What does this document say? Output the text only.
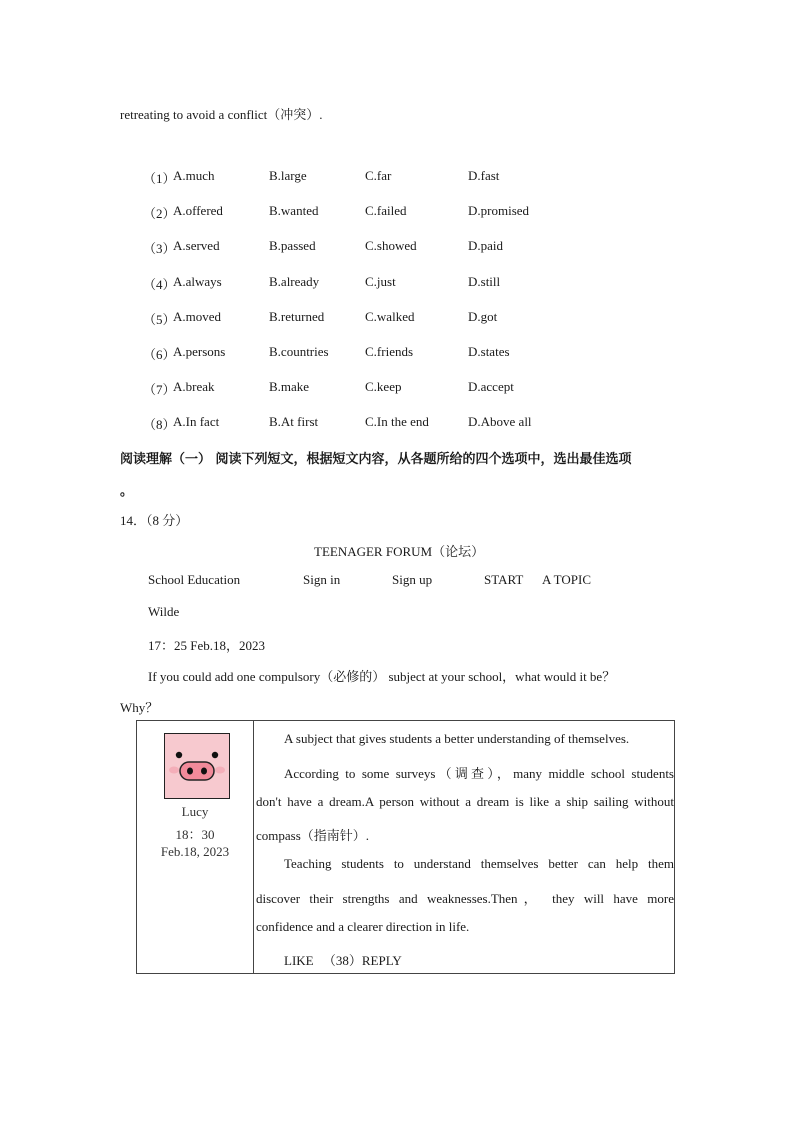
retreating to avoid a conflict（冲突）.
（1）
A.much	B.large	C.far	D.fast
（2）
A.offered	B.wanted	C.failed	D.promised
（3）
A.served	B.passed	C.showed	D.paid
（4）
A.always	B.already	C.just	D.still
（5）
A.moved	B.returned	C.walked	D.got
（6）
A.persons	B.countries	C.friends	D.states
（7）
A.break	B.make	C.keep	D.accept
（8）
A.In fact	B.At first	C.In the end	D.Above all
阅读理解（一） 阅读下列短文，根据短文内容，从各题所给的四个选项中，选出最佳选项
。
14．（8 分）
TEENAGER FORUM（论坛）
School Education	Sign in	Sign up	START A TOPIC
Wilde
17：25 Feb.18，2023
If you could add one compulsory（必修的） subject at your school，what would it be？
Why？
Lucy
18：30
Feb.18, 2023
A subject that gives students a better understanding of themselves.
According to some surveys（调查），many middle school students
don't have a dream.A person without a dream is like a ship sailing without
compass（指南针）.
Teaching students to understand themselves better can help them
discover their strengths and weaknesses.Then， they will have more
confidence and a clearer direction in life.
LIKE （38）REPLY
